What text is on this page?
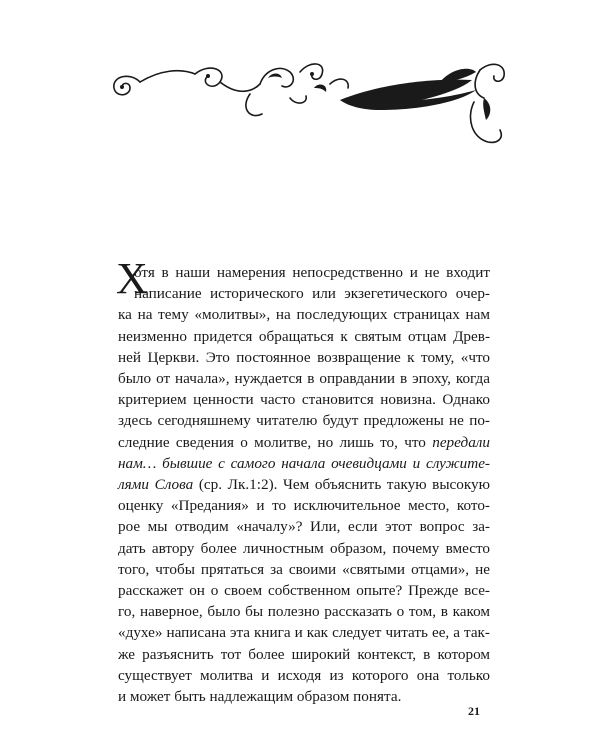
Х
отя в наши намерения непосредственно и не входит
написание исторического или экзегетического очер-
ка на тему «молитвы», на последующих страницах нам
неизменно придется обращаться к святым отцам Древ-
ней Церкви. Это постоянное возвращение к тому, «что
было от начала», нуждается в оправдании в эпоху, когда
критерием ценности часто становится новизна. Однако
здесь сегодняшнему читателю будут предложены не по-
следние сведения о молитве, но лишь то, что передали
нам… бывшие с самого начала очевидцами и служите-
лями Слова (ср. Лк.1:2). Чем объяснить такую высокую
оценку «Предания» и то исключительное место, кото-
рое мы отводим «началу»? Или, если этот вопрос за-
дать автору более личностным образом, почему вместо
того, чтобы прятаться за своими «святыми отцами», не
расскажет он о своем собственном опыте? Прежде все-
го, наверное, было бы полезно рассказать о том, в каком
«духе» написана эта книга и как следует читать ее, а так-
же разъяснить тот более широкий контекст, в котором
существует молитва и исходя из которого она только
и может быть надлежащим образом понята.
21
